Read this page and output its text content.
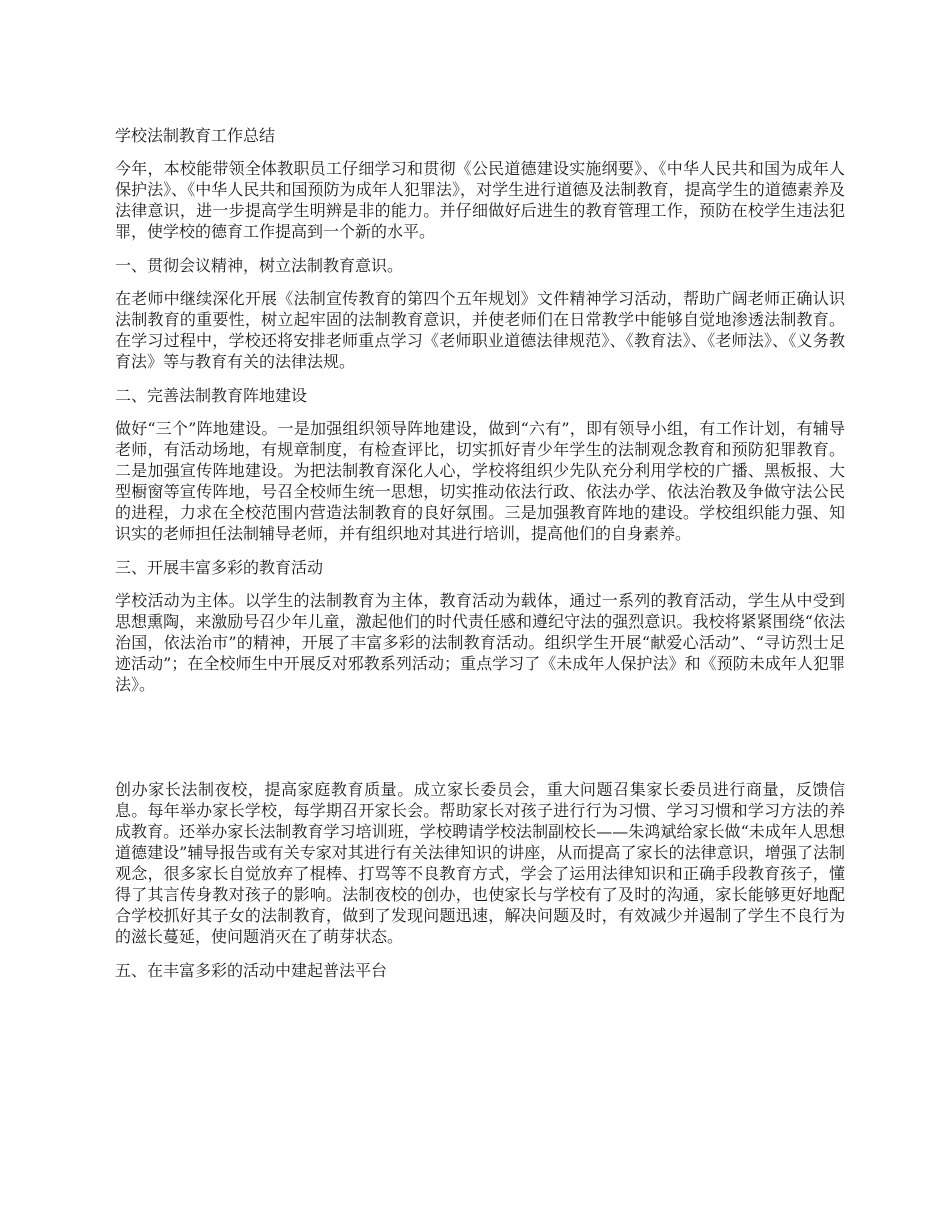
学校法制教育工作总结

今年，本校能带领全体教职员工仔细学习和贯彻《公民道德建设实施纲要》、《中华人民共和国为成年人保护法》、《中华人民共和国预防为成年人犯罪法》，对学生进行道德及法制教育，提高学生的道德素养及法律意识，进一步提高学生明辨是非的能力。并仔细做好后进生的教育管理工作，预防在校学生违法犯罪，使学校的德育工作提高到一个新的水平。

一、贯彻会议精神，树立法制教育意识。

在老师中继续深化开展《法制宣传教育的第四个五年规划》文件精神学习活动，帮助广阔老师正确认识法制教育的重要性，树立起牢固的法制教育意识，并使老师们在日常教学中能够自觉地渗透法制教育。在学习过程中，学校还将安排老师重点学习《老师职业道德法律规范》、《教育法》、《老师法》、《义务教育法》等与教育有关的法律法规。

二、完善法制教育阵地建设

做好“三个”阵地建设。一是加强组织领导阵地建设，做到“六有”，即有领导小组，有工作计划，有辅导老师，有活动场地，有规章制度，有检查评比，切实抓好青少年学生的法制观念教育和预防犯罪教育。二是加强宣传阵地建设。为把法制教育深化人心，学校将组织少先队充分利用学校的广播、黑板报、大型橱窗等宣传阵地，号召全校师生统一思想，切实推动依法行政、依法办学、依法治教及争做守法公民的进程，力求在全校范围内营造法制教育的良好氛围。三是加强教育阵地的建设。学校组织能力强、知识实的老师担任法制辅导老师，并有组织地对其进行培训，提高他们的自身素养。

三、开展丰富多彩的教育活动

学校活动为主体。以学生的法制教育为主体，教育活动为载体，通过一系列的教育活动，学生从中受到思想熏陶，来激励号召少年儿童，激起他们的时代责任感和遵纪守法的强烈意识。我校将紧紧围绕“依法治国，依法治市”的精神，开展了丰富多彩的法制教育活动。组织学生开展“献爱心活动”、“寻访烈士足迹活动”；在全校师生中开展反对邪教系列活动；重点学习了《未成年人保护法》和《预防未成年人犯罪法》。

创办家长法制夜校，提高家庭教育质量。成立家长委员会，重大问题召集家长委员进行商量，反馈信息。每年举办家长学校，每学期召开家长会。帮助家长对孩子进行行为习惯、学习习惯和学习方法的养成教育。还举办家长法制教育学习培训班，学校聘请学校法制副校长——朱鸿斌给家长做“未成年人思想道德建设”辅导报告或有关专家对其进行有关法律知识的讲座，从而提高了家长的法律意识，增强了法制观念，很多家长自觉放弃了棍棒、打骂等不良教育方式，学会了运用法律知识和正确手段教育孩子，懂得了其言传身教对孩子的影响。法制夜校的创办，也使家长与学校有了及时的沟通，家长能够更好地配合学校抓好其子女的法制教育，做到了发现问题迅速，解决问题及时，有效减少并遏制了学生不良行为的滋长蔓延，使问题消灭在了萌芽状态。

五、在丰富多彩的活动中建起普法平台
